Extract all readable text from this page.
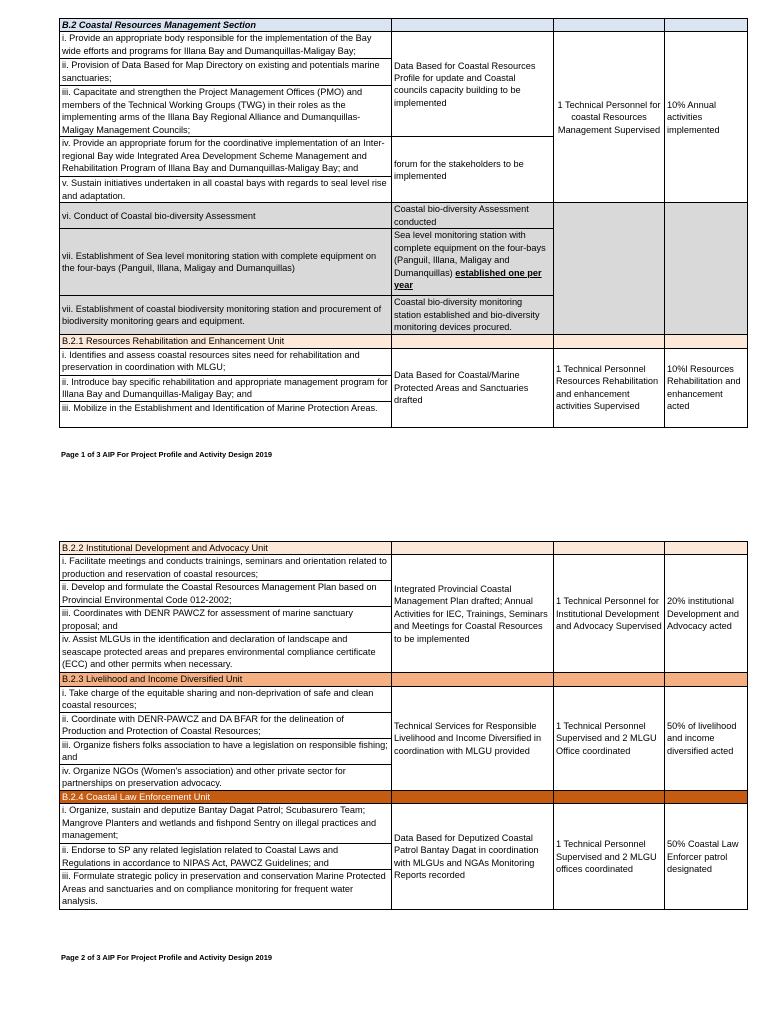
B.2 Coastal Resources Management Section			
i. Provide an appropriate body responsible for the implementation of the Bay wide efforts and programs for Illana Bay and Dumanquillas-Maligay Bay;	Data Based for Coastal Resources Profile for update and Coastal councils capacity building to be implemented	1 Technical Personnel for coastal Resources Management Supervised	10% Annual activities implemented
ii. Provision of Data Based for Map Directory on existing and potentials marine sanctuaries;			
iii. Capacitate and strengthen the Project Management Offices (PMO) and members of the Technical Working Groups (TWG) in their roles as the implementing arms of the Illana Bay Regional Alliance and Dumanquillas-Maligay Management Councils;			
iv. Provide an appropriate forum for the coordinative implementation of an Inter-regional Bay wide Integrated Area Development Scheme Management and Rehabilitation Program of Illana Bay and Dumanquillas-Maligay Bay; and	forum for the stakeholders to be implemented		
v. Sustain initiatives undertaken in all coastal bays with regards to seal level rise and adaptation.			
vi. Conduct of Coastal bio-diversity Assessment	Coastal bio-diversity Assessment conducted		
vii. Establishment of Sea level monitoring station with complete equipment on the four-bays (Panguil, Illana, Maligay and Dumanquillas)	Sea level monitoring station with complete equipment on the four-bays (Panguil, Illana, Maligay and Dumanquillas) established one per year		
vii. Establishment of coastal biodiversity monitoring station and procurement of biodiversity monitoring gears and equipment.	Coastal bio-diversity monitoring station established and bio-diversity monitoring devices procured.		
B.2.1 Resources Rehabilitation and Enhancement Unit			
i. Identifies and assess coastal resources sites need for rehabilitation and preservation in coordination with MLGU;	Data Based for Coastal/Marine Protected Areas and Sanctuaries drafted	1 Technical Personnel Resources Rehabilitation and enhancement activities Supervised	10%l Resources Rehabilitation and enhancement acted
ii. Introduce bay specific rehabilitation and appropriate management program for Illana Bay and Dumanquillas-Maligay Bay; and			
iii. Mobilize in the Establishment and Identification of Marine Protection Areas.			
Page 1 of 3 AIP For Project Profile and Activity Design 2019
B.2.2 Institutional Development and Advocacy Unit			
i. Facilitate meetings and conducts trainings, seminars and orientation related to production and reservation of coastal resources;	Integrated Provincial Coastal Management Plan drafted; Annual Activities for IEC, Trainings, Seminars and Meetings for Coastal Resources to be implemented	1 Technical Personnel for Institutional Development and Advocacy Supervised	20% institutional Development and Advocacy acted
ii. Develop and formulate the Coastal Resources Management Plan based on Provincial Environmental Code 012-2002;			
iii. Coordinates with DENR PAWCZ for assessment of marine sanctuary proposal; and			
iv. Assist MLGUs in the identification and declaration of landscape and seascape protected areas and prepares environmental compliance certificate (ECC) and other permits when necessary.			
B.2.3 Livelihood and Income Diversified Unit			
i. Take charge of the equitable sharing and non-deprivation of safe and clean coastal resources;	Technical Services for Responsible Livelihood and Income Diversified in coordination with MLGU provided	1 Technical Personnel Supervised and 2 MLGU Office coordinated	50% of livelihood and income diversified acted
ii. Coordinate with DENR-PAWCZ and DA BFAR for the delineation of Production and Protection of Coastal Resources;			
iii. Organize fishers folks association to have a legislation on responsible fishing; and			
iv. Organize NGOs (Women's association) and other private sector for partnerships on preservation advocacy.			
B.2.4 Coastal Law Enforcement Unit			
i. Organize, sustain and deputize Bantay Dagat Patrol; Scubasurero Team; Mangrove Planters and wetlands and fishpond Sentry on illegal practices and management;	Data Based for Deputized Coastal Patrol Bantay Dagat in coordination with MLGUs and NGAs Monitoring Reports recorded	1 Technical Personnel Supervised and 2 MLGU offices coordinated	50% Coastal Law Enforcer patrol designated
ii. Endorse to SP any related legislation related to Coastal Laws and Regulations in accordance to NIPAS Act, PAWCZ Guidelines; and			
iii. Formulate strategic policy in preservation and conservation Marine Protected Areas and sanctuaries and on compliance monitoring for frequent water analysis.			
Page 2 of 3 AIP For Project Profile and Activity Design 2019
